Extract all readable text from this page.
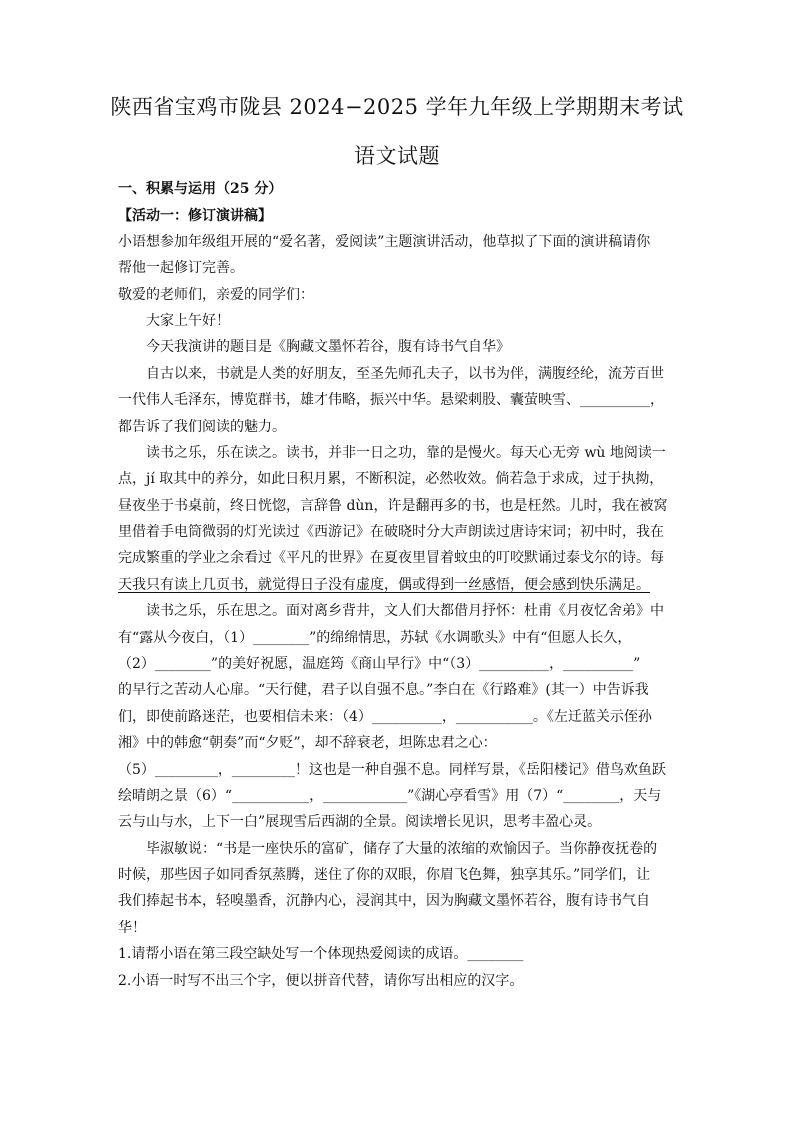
陕西省宝鸡市陇县 2024−2025 学年九年级上学期期末考试
语文试题
一、积累与运用（25 分）
【活动一：修订演讲稿】
小语想参加年级组开展的“爱名著，爱阅读”主题演讲活动，他草拟了下面的演讲稿请你
帮他一起修订完善。
敬爱的老师们，亲爱的同学们：
大家上午好！
今天我演讲的题目是《胸藏文墨怀若谷，腹有诗书气自华》
自古以来，书就是人类的好朋友，至圣先师孔夫子，以书为伴，满腹经纶，流芳百世
一代伟人毛泽东，博览群书，雄才伟略，振兴中华。悬梁刺股、囊萤映雪、__________，
都告诉了我们阅读的魅力。
读书之乐，乐在读之。读书，并非一日之功，靠的是慢火。每天心无旁 wù 地阅读一
点，jí 取其中的养分，如此日积月累，不断积淀，必然收效。倘若急于求成，过于执拗，
昼夜坐于书桌前，终日恍惚，言辞鲁 dùn，许是翻再多的书，也是枉然。儿时，我在被窝
里借着手电筒微弱的灯光读过《西游记》在破晓时分大声朗读过唐诗宋词；初中时，我在
完成繁重的学业之余看过《平凡的世界》在夏夜里冒着蚊虫的叮咬默诵过泰戈尔的诗。每
天我只有读上几页书，就觉得日子没有虚度，偶或得到一丝感悟，便会感到快乐满足。
读书之乐，乐在思之。面对离乡背井，文人们大都借月抒怀：杜甫《月夜忆舍弟》中
有“露从今夜白，（1）________”的绵绵情思，苏轼《水调歌头》中有“但愿人长久，
（2）________”的美好祝愿，温庭筠《商山早行》中“（3）__________，__________”
的早行之苦动人心扉。“天行健，君子以自强不息。”李白在《行路难》(其一）中告诉我
们，即使前路迷茫，也要相信未来：（4）__________，___________。《左迁蓝关示侄孙
湘》中的韩愈“朝奏”而“夕贬”，却不辞衰老，坦陈忠君之心：
（5）_________，_________！这也是一种自强不息。同样写景，《岳阳楼记》借鸟欢鱼跃
绘晴朗之景（6）“___________，____________”《湖心亭看雪》用（7）“________，天与
云与山与水，上下一白”展现雪后西湖的全景。阅读增长见识，思考丰盈心灵。
毕淑敏说：“书是一座快乐的富矿，储存了大量的浓缩的欢愉因子。当你静夜抚卷的
时候，那些因子如同香氛蒸腾，迷住了你的双眼，你眉飞色舞，独享其乐。”同学们，让
我们捧起书本，轻嗅墨香，沉静内心，浸润其中，因为胸藏文墨怀若谷，腹有诗书气自
华！
1.请帮小语在第三段空缺处写一个体现热爱阅读的成语。________
2.小语一时写不出三个字，便以拼音代替，请你写出相应的汉字。
